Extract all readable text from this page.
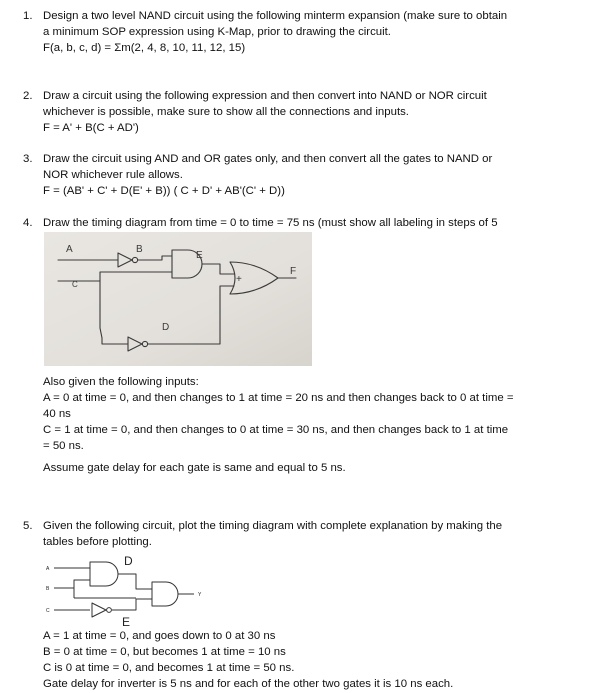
1. Design a two level NAND circuit using the following minterm expansion (make sure to obtain
a minimum SOP expression using K-Map, prior to drawing the circuit.
F(a, b, c, d) = Σm(2, 4, 8, 10, 11, 12, 15)
2. Draw a circuit using the following expression and then convert into NAND or NOR circuit
whichever is possible, make sure to show all the connections and inputs.
F = A' + B(C + AD')
3. Draw the circuit using AND and OR gates only, and then convert all the gates to NAND or
NOR whichever rule allows.
F = (AB' + C' + D(E' + B)) ( C + D' + AB'(C' + D))
4. Draw the timing diagram from time = 0 to time = 75 ns (must show all labeling in steps of 5
A	B
C
E
F
D
+
Also given the following inputs:
A = 0 at time = 0, and then changes to 1 at time = 20 ns and then changes back to 0 at time =
40 ns
C = 1 at time = 0, and then changes to 0 at time = 30 ns, and then changes back to 1 at time
= 50 ns.
Assume gate delay for each gate is same and equal to 5 ns.
5. Given the following circuit, plot the timing diagram with complete explanation by making the
tables before plotting.
D
E
A
B
C
Y
A = 1 at time = 0, and goes down to 0 at 30 ns
B = 0 at time = 0, but becomes 1 at time = 10 ns
C is 0 at time = 0, and becomes 1 at time = 50 ns.
Gate delay for inverter is 5 ns and for each of the other two gates it is 10 ns each.
